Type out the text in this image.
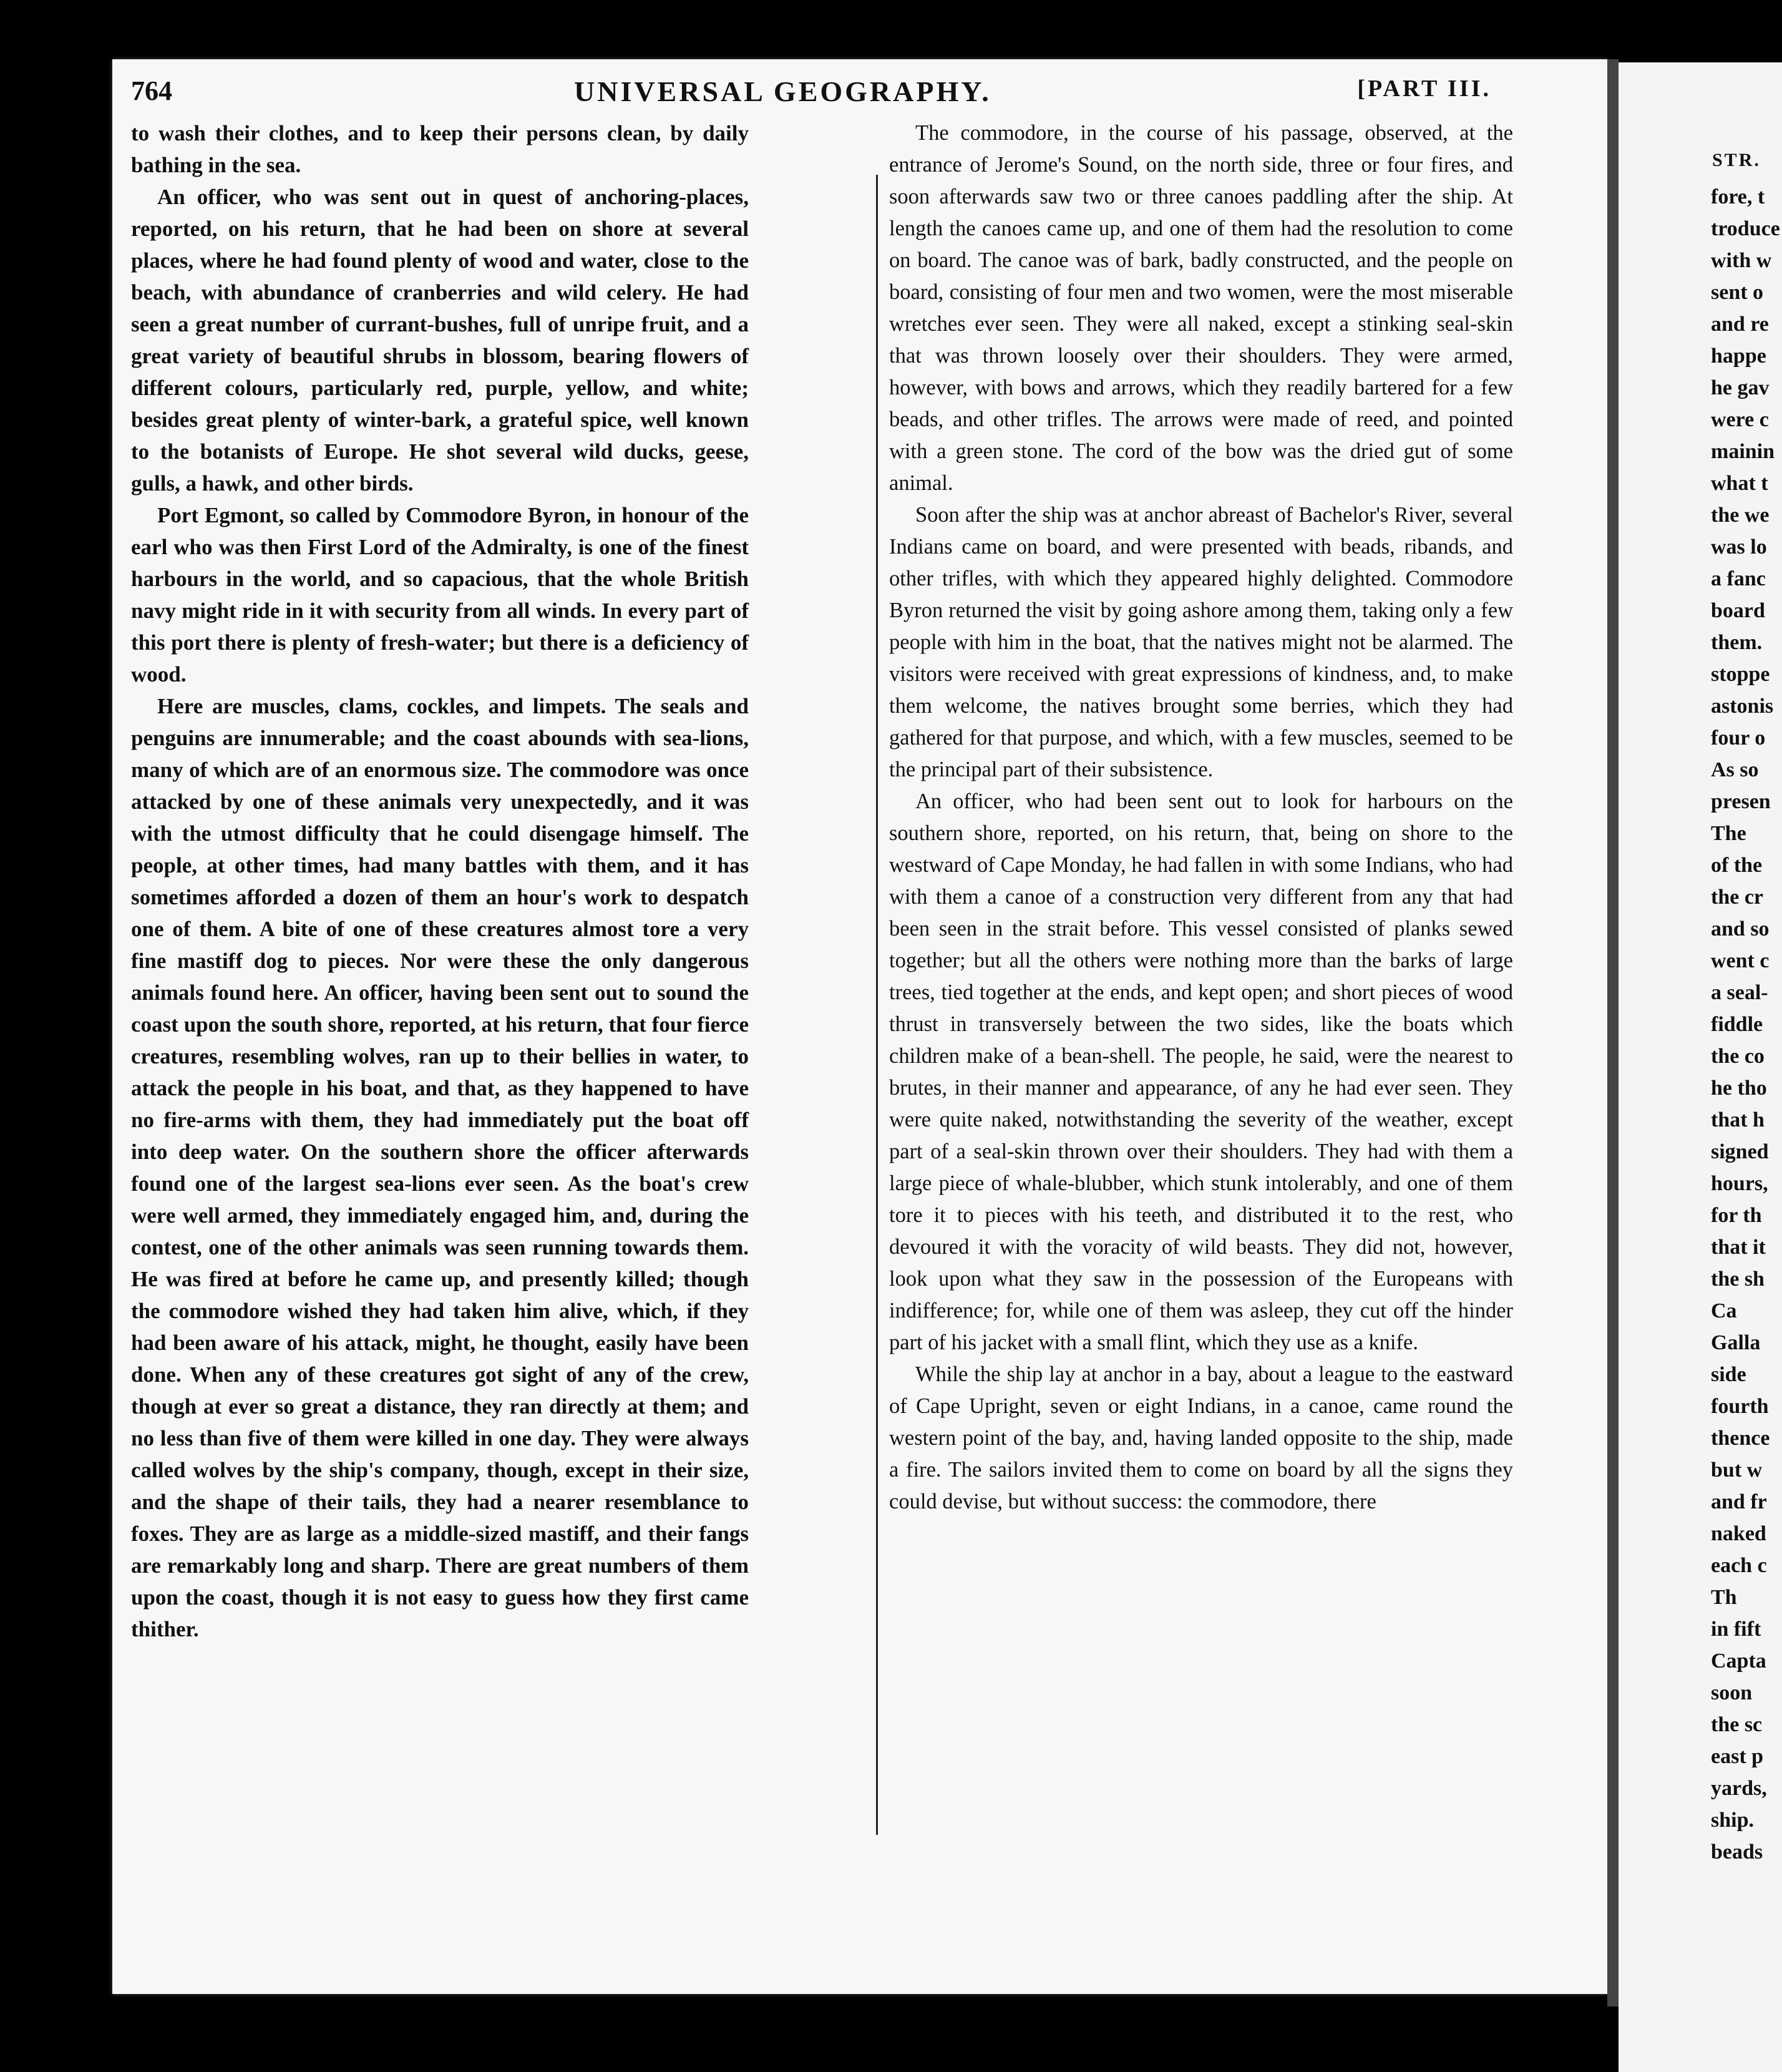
764	UNIVERSAL GEOGRAPHY.	[PART III.

to wash their clothes, and to keep their persons clean, by daily bathing in the sea.

An officer, who was sent out in quest of anchoring-places, reported, on his return, that he had been on shore at several places, where he had found plenty of wood and water, close to the beach, with abundance of cranberries and wild celery. He had seen a great number of currant-bushes, full of unripe fruit, and a great variety of beautiful shrubs in blossom, bearing flowers of different colours, particularly red, purple, yellow, and white; besides great plenty of winter-bark, a grateful spice, well known to the botanists of Europe. He shot several wild ducks, geese, gulls, a hawk, and other birds.

Port Egmont, so called by Commodore Byron, in honour of the earl who was then First Lord of the Admiralty, is one of the finest harbours in the world, and so capacious, that the whole British navy might ride in it with security from all winds. In every part of this port there is plenty of fresh-water; but there is a deficiency of wood.

Here are muscles, clams, cockles, and limpets. The seals and penguins are innumerable; and the coast abounds with sea-lions, many of which are of an enormous size. The commodore was once attacked by one of these animals very unexpectedly, and it was with the utmost difficulty that he could disengage himself. The people, at other times, had many battles with them, and it has sometimes afforded a dozen of them an hour's work to despatch one of them. A bite of one of these creatures almost tore a very fine mastiff dog to pieces. Nor were these the only dangerous animals found here. An officer, having been sent out to sound the coast upon the south shore, reported, at his return, that four fierce creatures, resembling wolves, ran up to their bellies in water, to attack the people in his boat, and that, as they happened to have no fire-arms with them, they had immediately put the boat off into deep water. On the southern shore the officer afterwards found one of the largest sea-lions ever seen. As the boat's crew were well armed, they immediately engaged him, and, during the contest, one of the other animals was seen running towards them. He was fired at before he came up, and presently killed; though the commodore wished they had taken him alive, which, if they had been aware of his attack, might, he thought, easily have been done. When any of these creatures got sight of any of the crew, though at ever so great a distance, they ran directly at them; and no less than five of them were killed in one day. They were always called wolves by the ship's company, though, except in their size, and the shape of their tails, they had a nearer resemblance to foxes. They are as large as a middle-sized mastiff, and their fangs are remarkably long and sharp. There are great numbers of them upon the coast, though it is not easy to guess how they first came thither.

The commodore, in the course of his passage, observed, at the entrance of Jerome's Sound, on the north side, three or four fires, and soon afterwards saw two or three canoes paddling after the ship. At length the canoes came up, and one of them had the resolution to come on board. The canoe was of bark, badly constructed, and the people on board, consisting of four men and two women, were the most miserable wretches ever seen. They were all naked, except a stinking seal-skin that was thrown loosely over their shoulders. They were armed, however, with bows and arrows, which they readily bartered for a few beads, and other trifles. The arrows were made of reed, and pointed with a green stone. The cord of the bow was the dried gut of some animal.

Soon after the ship was at anchor abreast of Bachelor's River, several Indians came on board, and were presented with beads, ribands, and other trifles, with which they appeared highly delighted. Commodore Byron returned the visit by going ashore among them, taking only a few people with him in the boat, that the natives might not be alarmed. The visitors were received with great expressions of kindness, and, to make them welcome, the natives brought some berries, which they had gathered for that purpose, and which, with a few muscles, seemed to be the principal part of their subsistence.

An officer, who had been sent out to look for harbours on the southern shore, reported, on his return, that, being on shore to the westward of Cape Monday, he had fallen in with some Indians, who had with them a canoe of a construction very different from any that had been seen in the strait before. This vessel consisted of planks sewed together; but all the others were nothing more than the barks of large trees, tied together at the ends, and kept open; and short pieces of wood thrust in transversely between the two sides, like the boats which children make of a bean-shell. The people, he said, were the nearest to brutes, in their manner and appearance, of any he had ever seen. They were quite naked, notwithstanding the severity of the weather, except part of a seal-skin thrown over their shoulders. They had with them a large piece of whale-blubber, which stunk intolerably, and one of them tore it to pieces with his teeth, and distributed it to the rest, who devoured it with the voracity of wild beasts. They did not, however, look upon what they saw in the possession of the Europeans with indifference; for, while one of them was asleep, they cut off the hinder part of his jacket with a small flint, which they use as a knife.

While the ship lay at anchor in a bay, about a league to the eastward of Cape Upright, seven or eight Indians, in a canoe, came round the western point of the bay, and, having landed opposite to the ship, made a fire. The sailors invited them to come on board by all the signs they could devise, but without success: the commodore, there

STR.
fore, t
troduce
with w
sent o
and re
happe
he gav
were c
mainin
what t
the we
was lo
a fanc
board
them.
stoppe
astonis
four o
As so
presen
The
of the
the cr
and so
went c
a seal-
fiddle
the co
he tho
that h
signed
hours,
for th
that it
the sh
Ca
Galla
side
fourth
thence
but w
and fr
naked
each c
Th
in fift
Capta
soon
the sc
east p
yards,
ship.
beads
